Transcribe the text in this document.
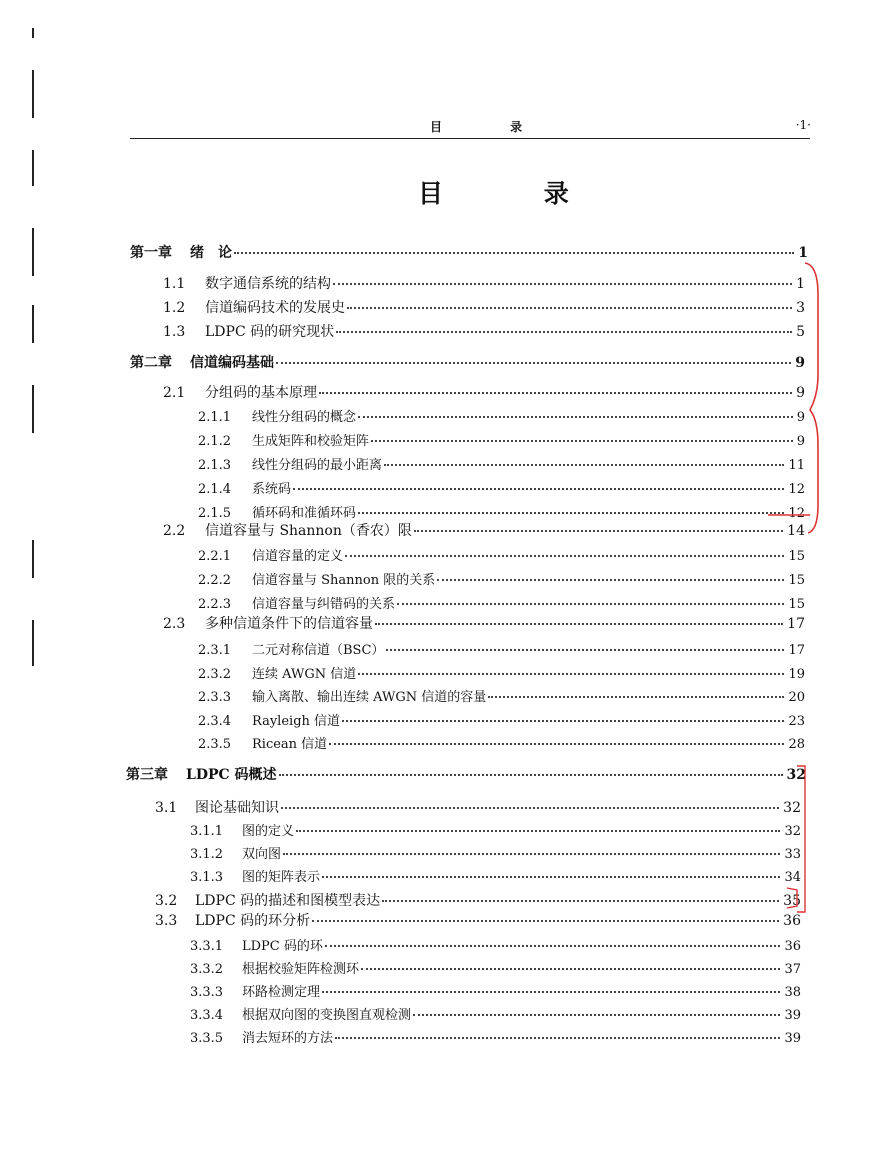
目 录	·1·
目 录
第一章	绪　论	1
1.1	数字通信系统的结构	1
1.2	信道编码技术的发展史	3
1.3	LDPC 码的研究现状	5
第二章	信道编码基础	9
2.1	分组码的基本原理	9
2.1.1	线性分组码的概念	9
2.1.2	生成矩阵和校验矩阵	9
2.1.3	线性分组码的最小距离	11
2.1.4	系统码	12
2.1.5	循环码和准循环码	12
2.2	信道容量与 Shannon（香农）限	14
2.2.1	信道容量的定义	15
2.2.2	信道容量与 Shannon 限的关系	15
2.2.3	信道容量与纠错码的关系	15
2.3	多种信道条件下的信道容量	17
2.3.1	二元对称信道（BSC）	17
2.3.2	连续 AWGN 信道	19
2.3.3	输入离散、输出连续 AWGN 信道的容量	20
2.3.4	Rayleigh 信道	23
2.3.5	Ricean 信道	28
第三章	LDPC 码概述	32
3.1	图论基础知识	32
3.1.1	图的定义	32
3.1.2	双向图	33
3.1.3	图的矩阵表示	34
3.2	LDPC 码的描述和图模型表达	35
3.3	LDPC 码的环分析	36
3.3.1	LDPC 码的环	36
3.3.2	根据校验矩阵检测环	37
3.3.3	环路检测定理	38
3.3.4	根据双向图的变换图直观检测	39
3.3.5	消去短环的方法	39
